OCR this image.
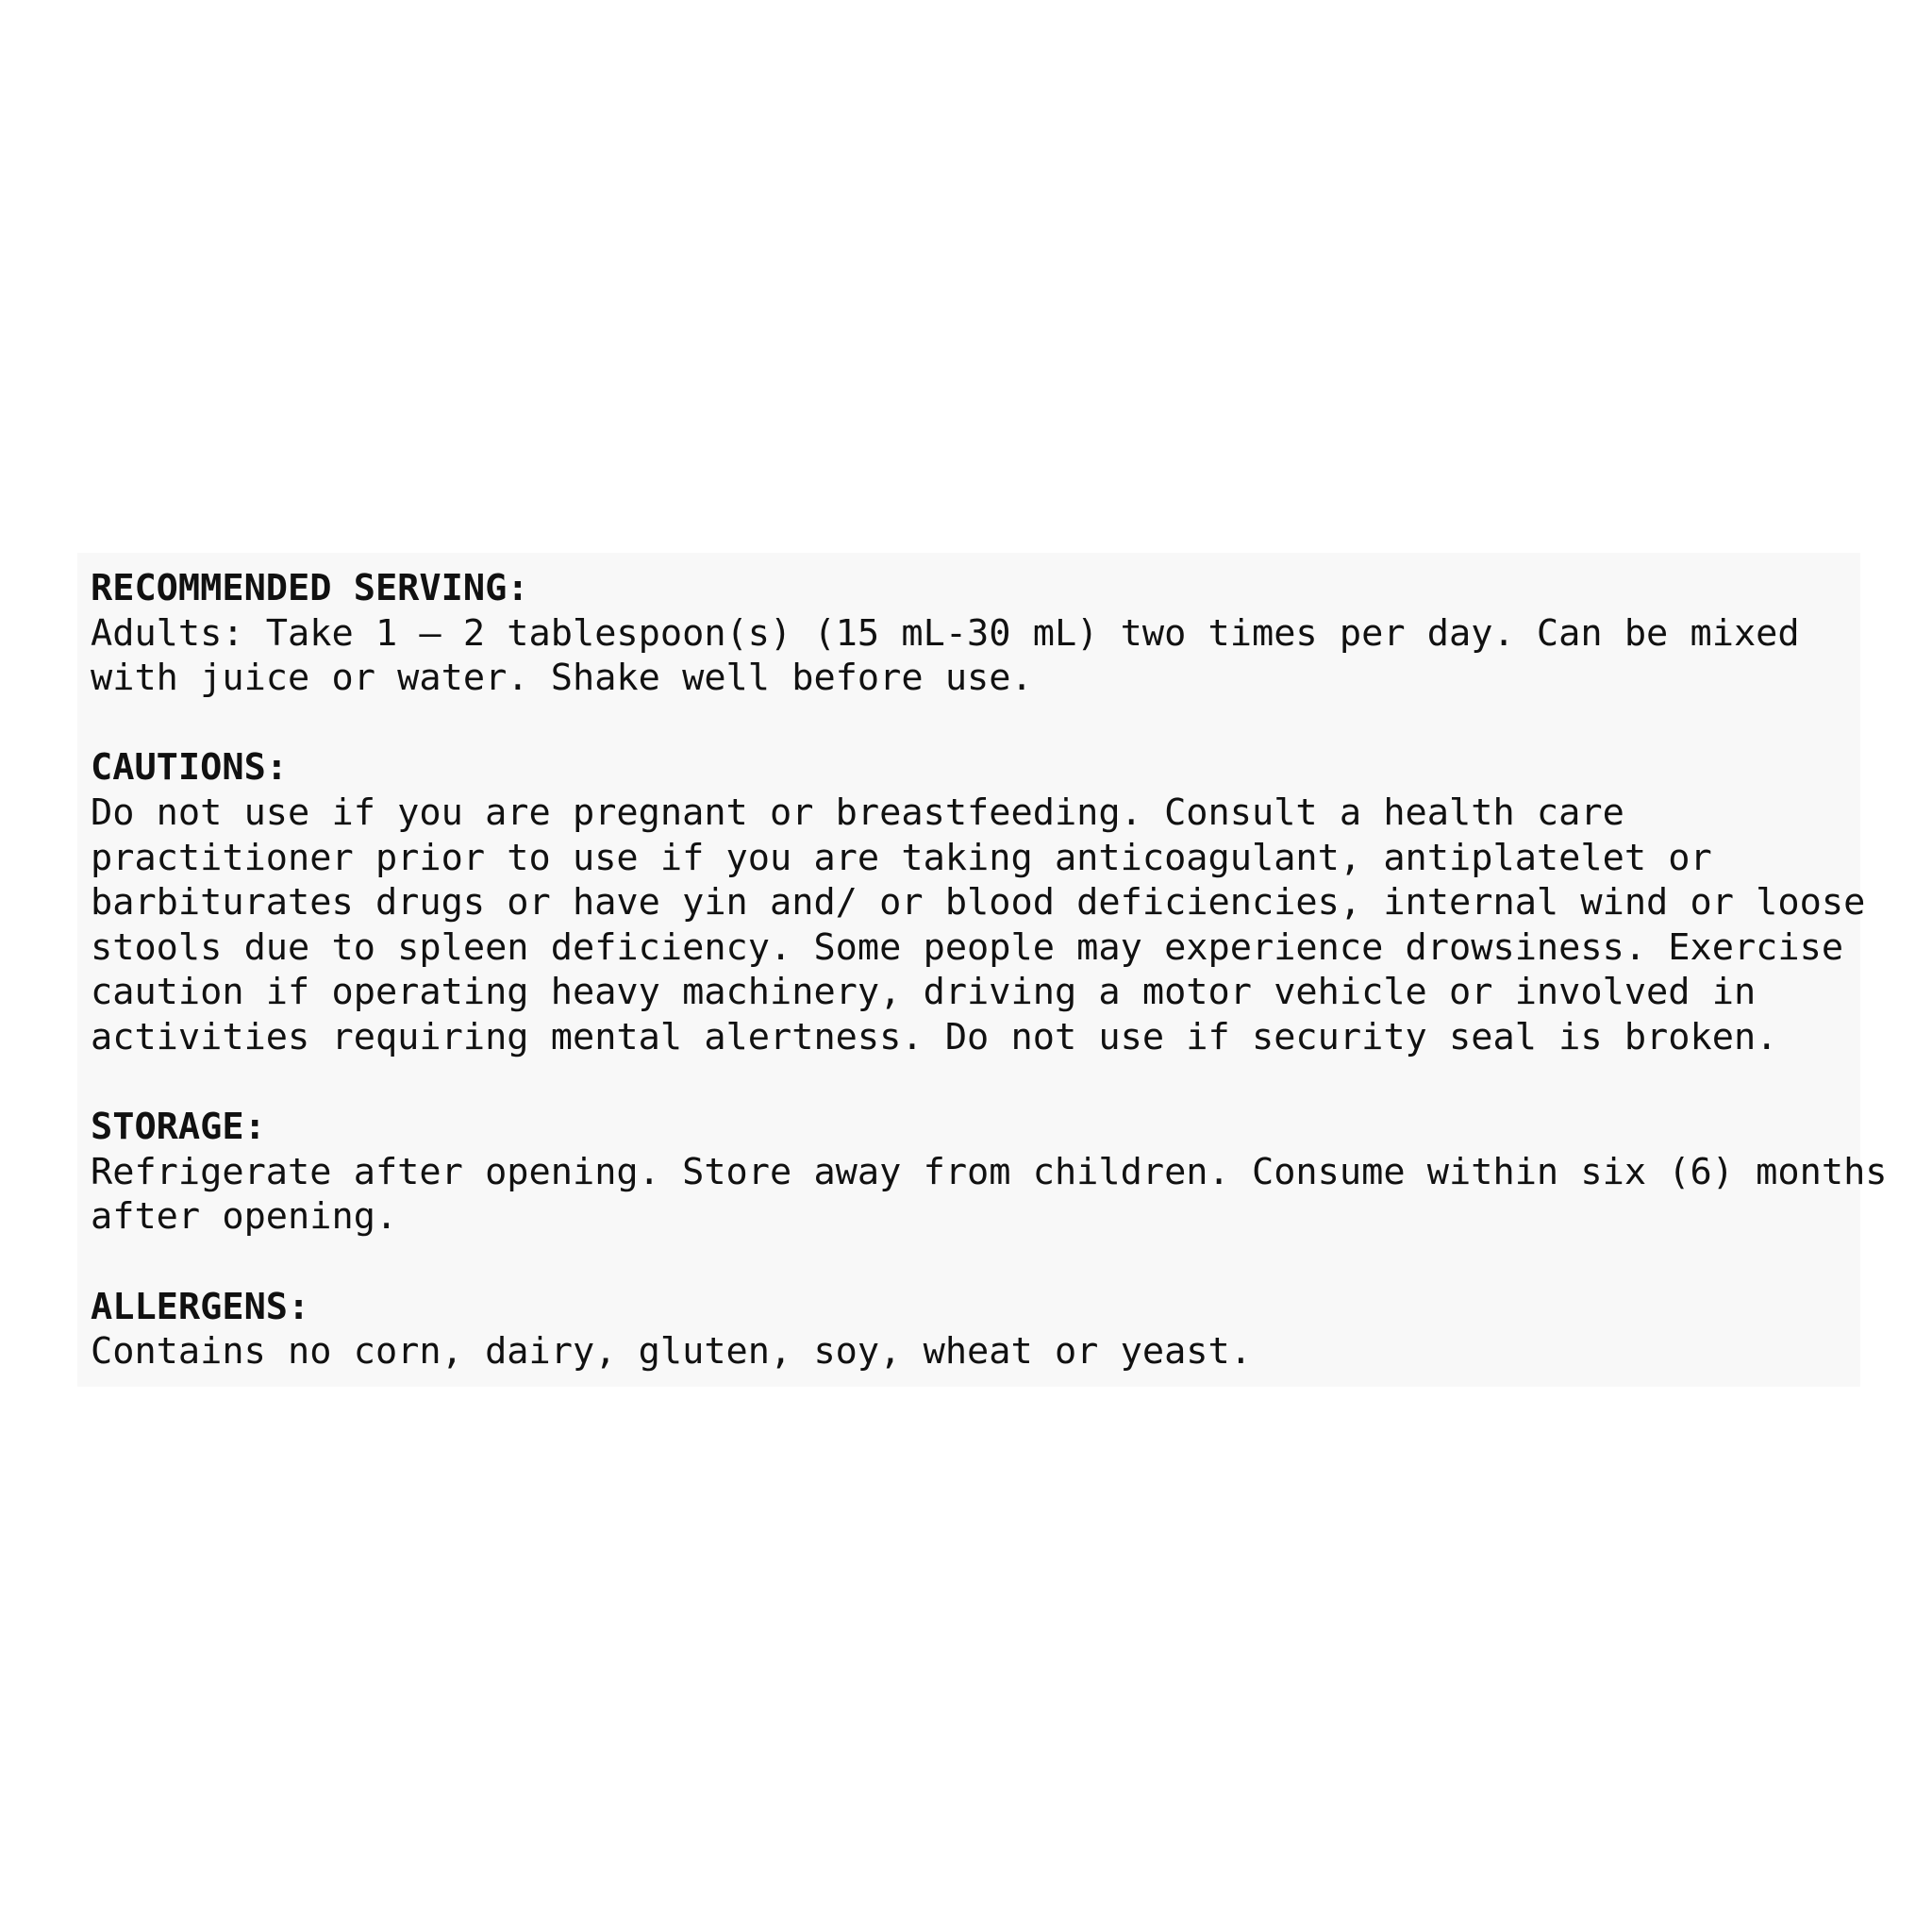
RECOMMENDED SERVING:
Adults: Take 1 – 2 tablespoon(s) (15 mL-30 mL) two times per day. Can be mixed
with juice or water. Shake well before use.
CAUTIONS:
Do not use if you are pregnant or breastfeeding. Consult a health care
practitioner prior to use if you are taking anticoagulant, antiplatelet or
barbiturates drugs or have yin and/ or blood deficiencies, internal wind or loose
stools due to spleen deficiency. Some people may experience drowsiness. Exercise
caution if operating heavy machinery, driving a motor vehicle or involved in
activities requiring mental alertness. Do not use if security seal is broken.
STORAGE:
Refrigerate after opening. Store away from children. Consume within six (6) months
after opening.
ALLERGENS:
Contains no corn, dairy, gluten, soy, wheat or yeast.
